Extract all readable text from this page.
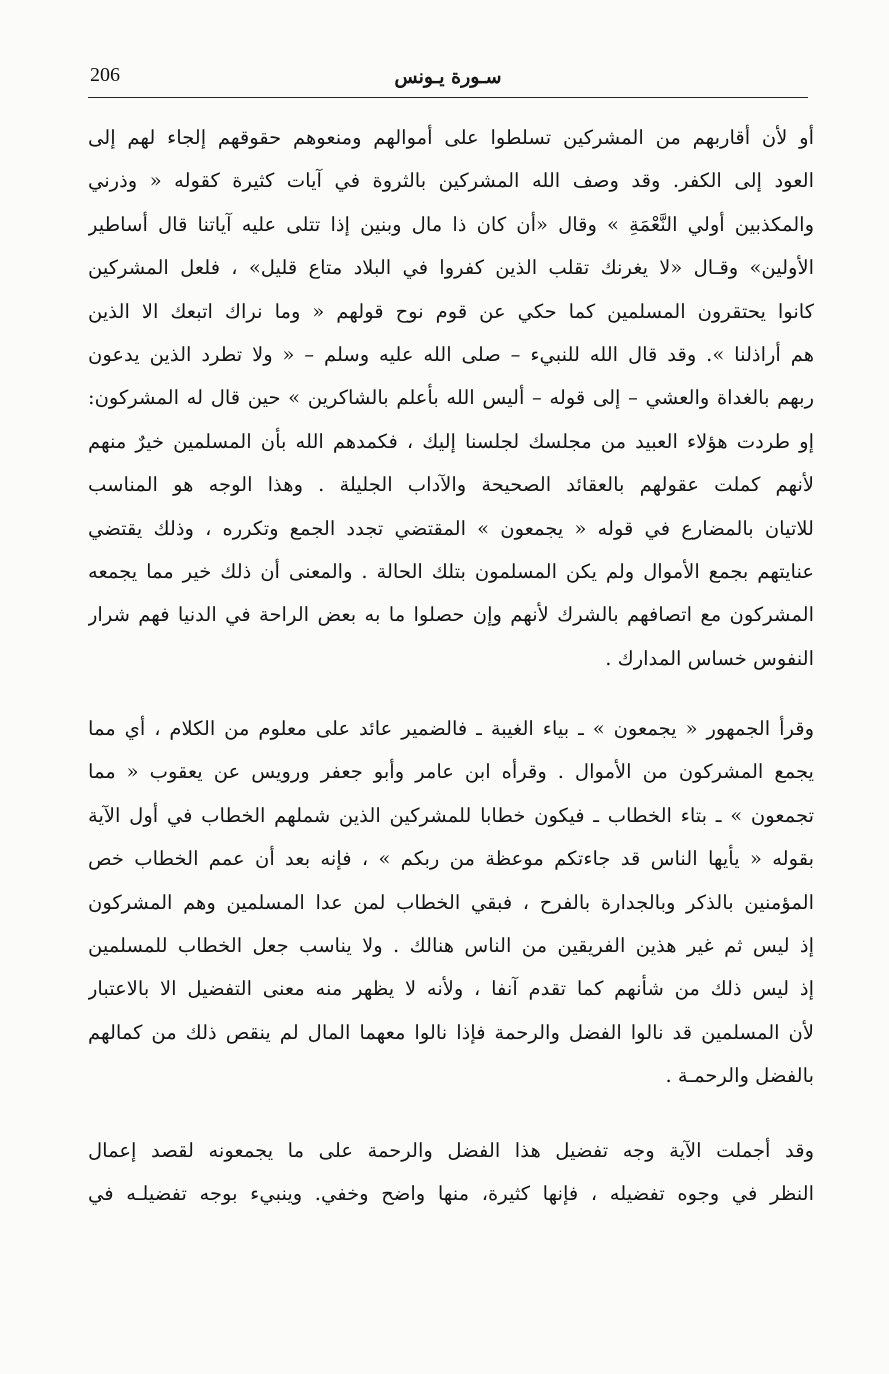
206	سـورة يـونس
أو لأن أقاربهم من المشركين تسلطوا على أموالهم ومنعوهم حقوقهم إلجاء لهم إلى
العود إلى الكفر. وقد وصف الله المشركين بالثروة في آيات كثيرة كقوله « وذرني
والمكذبين أولي النَّعْمَةِ » وقال «أن كان ذا مال وبنين إذا تتلى عليه آياتنا قال أساطير
الأولين» وقـال «لا يغرنك تقلب الذين كفروا في البلاد متاع قليل» ، فلعل المشركين
كانوا يحتقرون المسلمين كما حكي عن قوم نوح قولهم « وما نراك اتبعك الا الذين
هم أراذلنا ». وقد قال الله للنبيء – صلى الله عليه وسلم – « ولا تطرد الذين يدعون
ربهم بالغداة والعشي – إلى قوله – أليس الله بأعلم بالشاكرين » حين قال له المشركون:
إو طردت هؤلاء العبيد من مجلسك لجلسنا إليك ، فكمدهم الله بأن المسلمين خيرٌ منهم
لأنهم كملت عقولهم بالعقائد الصحيحة والآداب الجليلة . وهذا الوجه هو المناسب
للاتيان بالمضارع في قوله « يجمعون » المقتضي تجدد الجمع وتكرره ، وذلك يقتضي
عنايتهم بجمع الأموال ولم يكن المسلمون بتلك الحالة . والمعنى أن ذلك خير مما يجمعه
المشركون مع اتصافهم بالشرك لأنهم وإن حصلوا ما به بعض الراحة في الدنيا فهم شرار
النفوس خساس المدارك .
وقرأ الجمهور « يجمعون » ـ بياء الغيبة ـ فالضمير عائد على معلوم من الكلام ، أي مما
يجمع المشركون من الأموال . وقرأه ابن عامر وأبو جعفر ورويس عن يعقوب « مما
تجمعون » ـ بتاء الخطاب ـ فيكون خطابا للمشركين الذين شملهم الخطاب في أول الآية
بقوله « يأيها الناس قد جاءتكم موعظة من ربكم » ، فإنه بعد أن عمم الخطاب خص
المؤمنين بالذكر وبالجدارة بالفرح ، فبقي الخطاب لمن عدا المسلمين وهم المشركون
إذ ليس ثم غير هذين الفريقين من الناس هنالك . ولا يناسب جعل الخطاب للمسلمين
إذ ليس ذلك من شأنهم كما تقدم آنفا ، ولأنه لا يظهر منه معنى التفضيل الا بالاعتبار
لأن المسلمين قد نالوا الفضل والرحمة فإذا نالوا معهما المال لم ينقص ذلك من كمالهم
بالفضل والرحمـة .
وقد أجملت الآية وجه تفضيل هذا الفضل والرحمة على ما يجمعونه لقصد إعمال
النظر في وجوه تفضيله ، فإنها كثيرة، منها واضح وخفي. وينبيء بوجه تفضيلـه في
